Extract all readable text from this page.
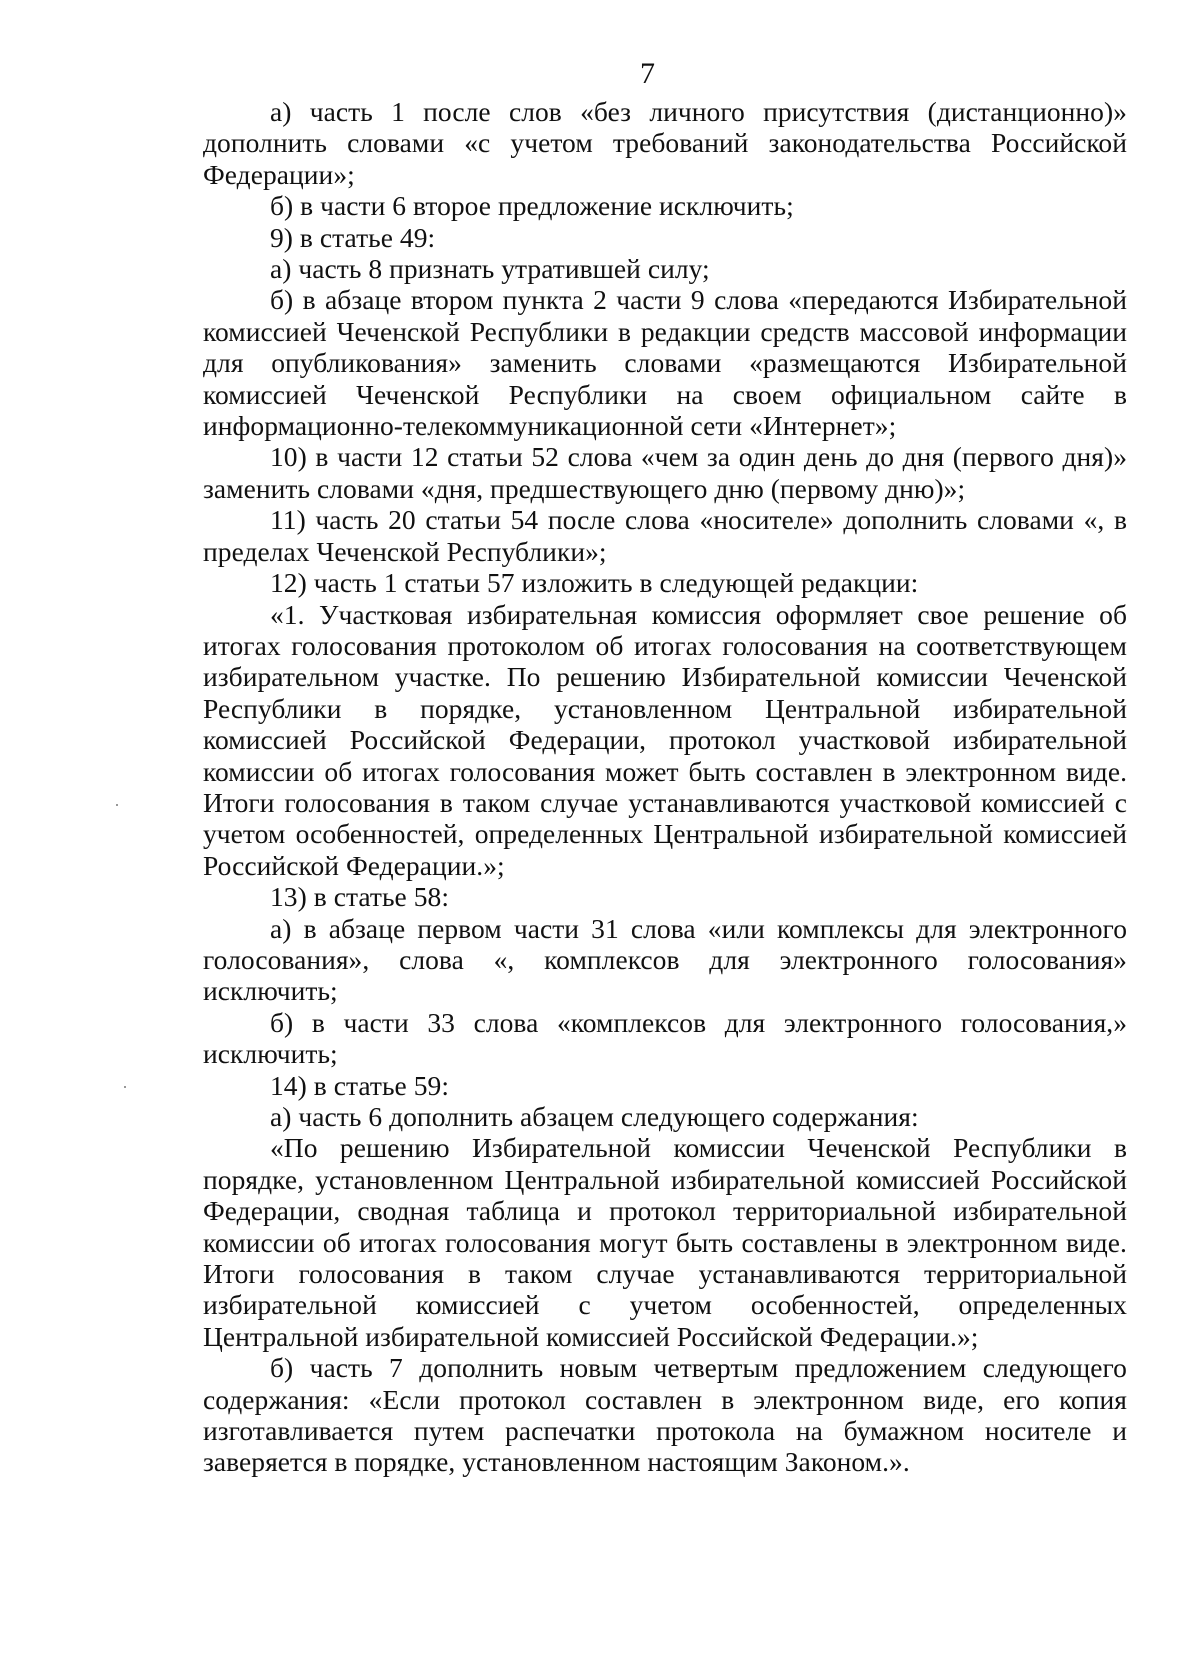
7

а) часть 1 после слов «без личного присутствия (дистанционно)» дополнить словами «с учетом требований законодательства Российской Федерации»;

б) в части 6 второе предложение исключить;

9) в статье 49:

а) часть 8 признать утратившей силу;

б) в абзаце втором пункта 2 части 9 слова «передаются Избирательной комиссией Чеченской Республики в редакции средств массовой информации для опубликования» заменить словами «размещаются Избирательной комиссией Чеченской Республики на своем официальном сайте в информационно-телекоммуникационной сети «Интернет»;

10) в части 12 статьи 52 слова «чем за один день до дня (первого дня)» заменить словами «дня, предшествующего дню (первому дню)»;

11) часть 20 статьи 54 после слова «носителе» дополнить словами «, в пределах Чеченской Республики»;

12) часть 1 статьи 57 изложить в следующей редакции:

«1. Участковая избирательная комиссия оформляет свое решение об итогах голосования протоколом об итогах голосования на соответствующем избирательном участке. По решению Избирательной комиссии Чеченской Республики в порядке, установленном Центральной избирательной комиссией Российской Федерации, протокол участковой избирательной комиссии об итогах голосования может быть составлен в электронном виде. Итоги голосования в таком случае устанавливаются участковой комиссией с учетом особенностей, определенных Центральной избирательной комиссией Российской Федерации.»;

13) в статье 58:

а) в абзаце первом части 31 слова «или комплексы для электронного голосования», слова «, комплексов для электронного голосования» исключить;

б) в части 33 слова «комплексов для электронного голосования,» исключить;

14) в статье 59:

а) часть 6 дополнить абзацем следующего содержания:

«По решению Избирательной комиссии Чеченской Республики в порядке, установленном Центральной избирательной комиссией Российской Федерации, сводная таблица и протокол территориальной избирательной комиссии об итогах голосования могут быть составлены в электронном виде. Итоги голосования в таком случае устанавливаются территориальной избирательной комиссией с учетом особенностей, определенных Центральной избирательной комиссией Российской Федерации.»;

б) часть 7 дополнить новым четвертым предложением следующего содержания: «Если протокол составлен в электронном виде, его копия изготавливается путем распечатки протокола на бумажном носителе и заверяется в порядке, установленном настоящим Законом.».
